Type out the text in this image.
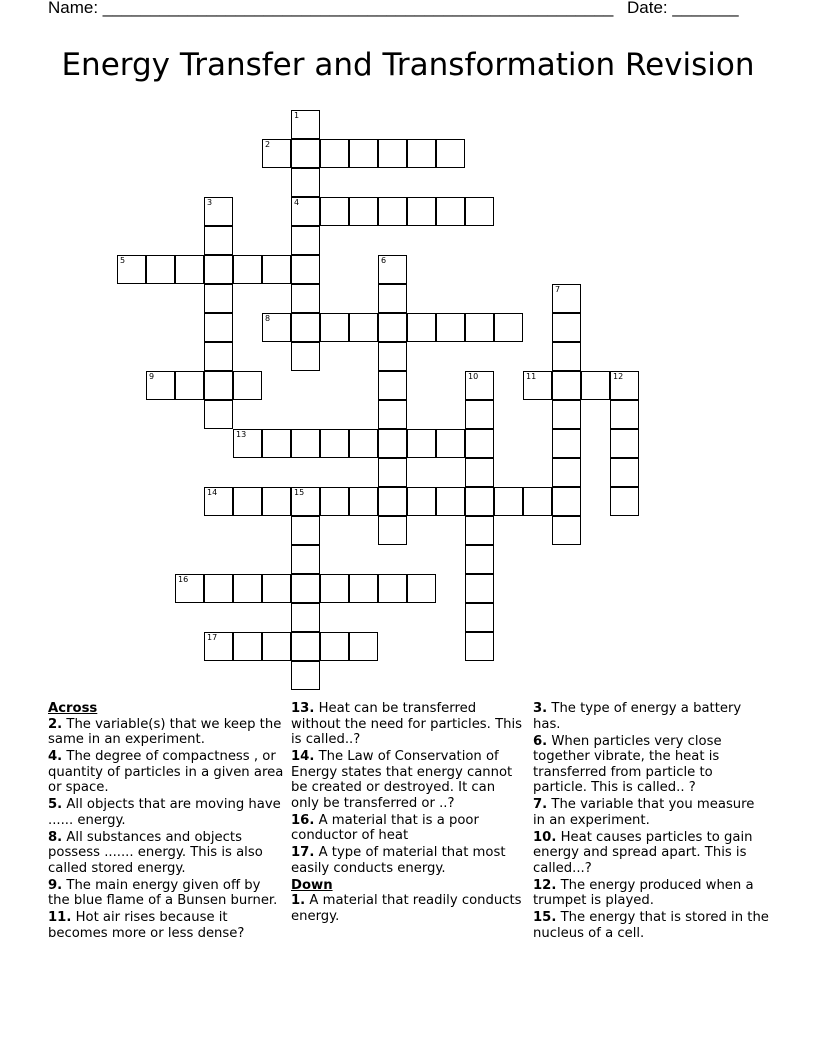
Name: ______________________________________________________ Date: _______
Energy Transfer and Transformation Revision
1
4
2
3
5	6
7
8
9	10	11	12
13
14	15
16
17
Across
2. The variable(s) that we keep the same in an experiment.
4. The degree of compactness , or quantity of particles in a given area or space.
5. All objects that are moving have ...... energy.
8. All substances and objects possess ....... energy. This is also called stored energy.
9. The main energy given off by the blue flame of a Bunsen burner.
11. Hot air rises because it becomes more or less dense?
13. Heat can be transferred without the need for particles. This is called..?
14. The Law of Conservation of Energy states that energy cannot be created or destroyed. It can only be transferred or ..?
16. A material that is a poor conductor of heat
17. A type of material that most easily conducts energy.
Down
1. A material that readily conducts energy.
3. The type of energy a battery has.
6. When particles very close together vibrate, the heat is transferred from particle to particle. This is called.. ?
7. The variable that you measure in an experiment.
10. Heat causes particles to gain energy and spread apart. This is called...?
12. The energy produced when a trumpet is played.
15. The energy that is stored in the nucleus of a cell.
